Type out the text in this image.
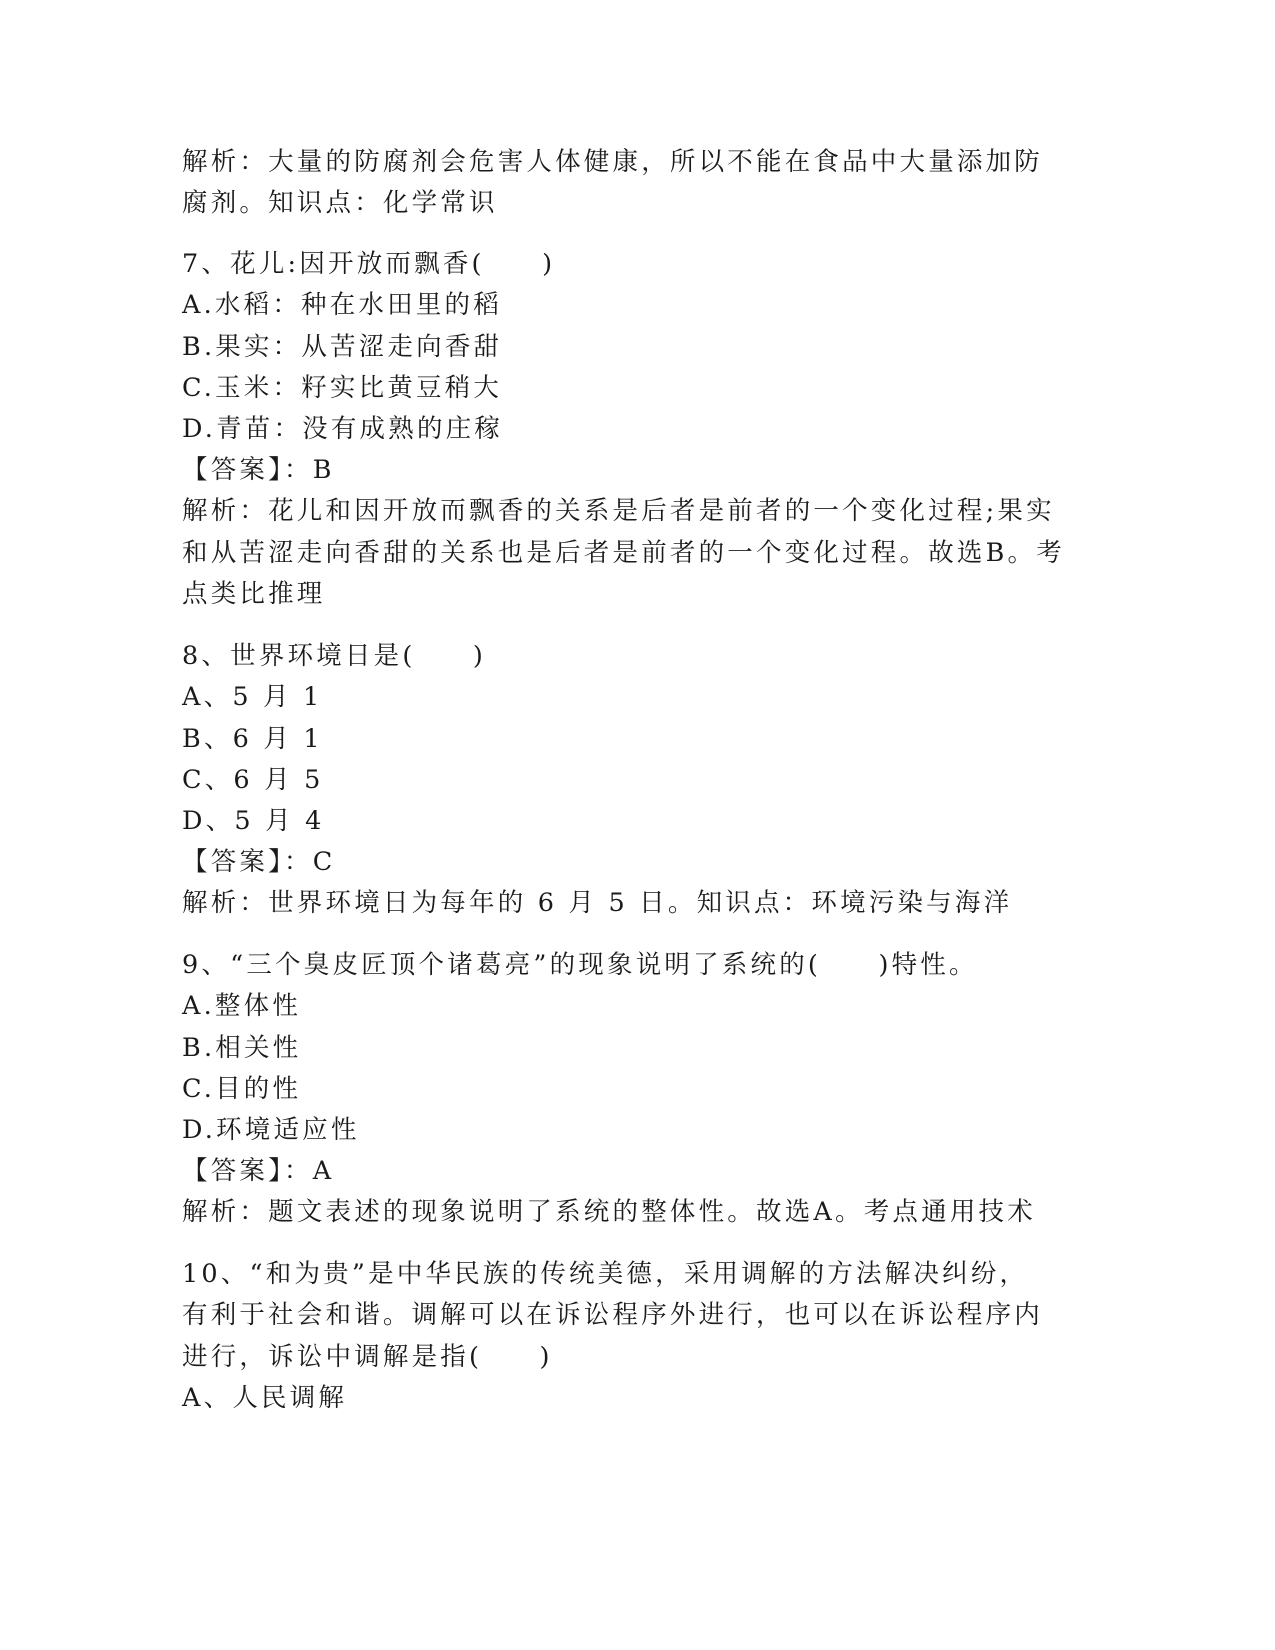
解析：大量的防腐剂会危害人体健康，所以不能在食品中大量添加防

腐剂。知识点：化学常识

7、花儿:因开放而飘香(　　)

A.水稻：种在水田里的稻

B.果实：从苦涩走向香甜

C.玉米：籽实比黄豆稍大

D.青苗：没有成熟的庄稼

【答案】：B

解析：花儿和因开放而飘香的关系是后者是前者的一个变化过程;果实

和从苦涩走向香甜的关系也是后者是前者的一个变化过程。故选B。考

点类比推理

8、世界环境日是(　　)

A、5 月 1

B、6 月 1

C、6 月 5

D、5 月 4

【答案】：C

解析：世界环境日为每年的 6 月 5 日。知识点：环境污染与海洋

9、“三个臭皮匠顶个诸葛亮”的现象说明了系统的(　　)特性。

A.整体性

B.相关性

C.目的性

D.环境适应性

【答案】：A

解析：题文表述的现象说明了系统的整体性。故选A。考点通用技术

10、“和为贵”是中华民族的传统美德，采用调解的方法解决纠纷，

有利于社会和谐。调解可以在诉讼程序外进行，也可以在诉讼程序内

进行，诉讼中调解是指(　　)

A、人民调解
